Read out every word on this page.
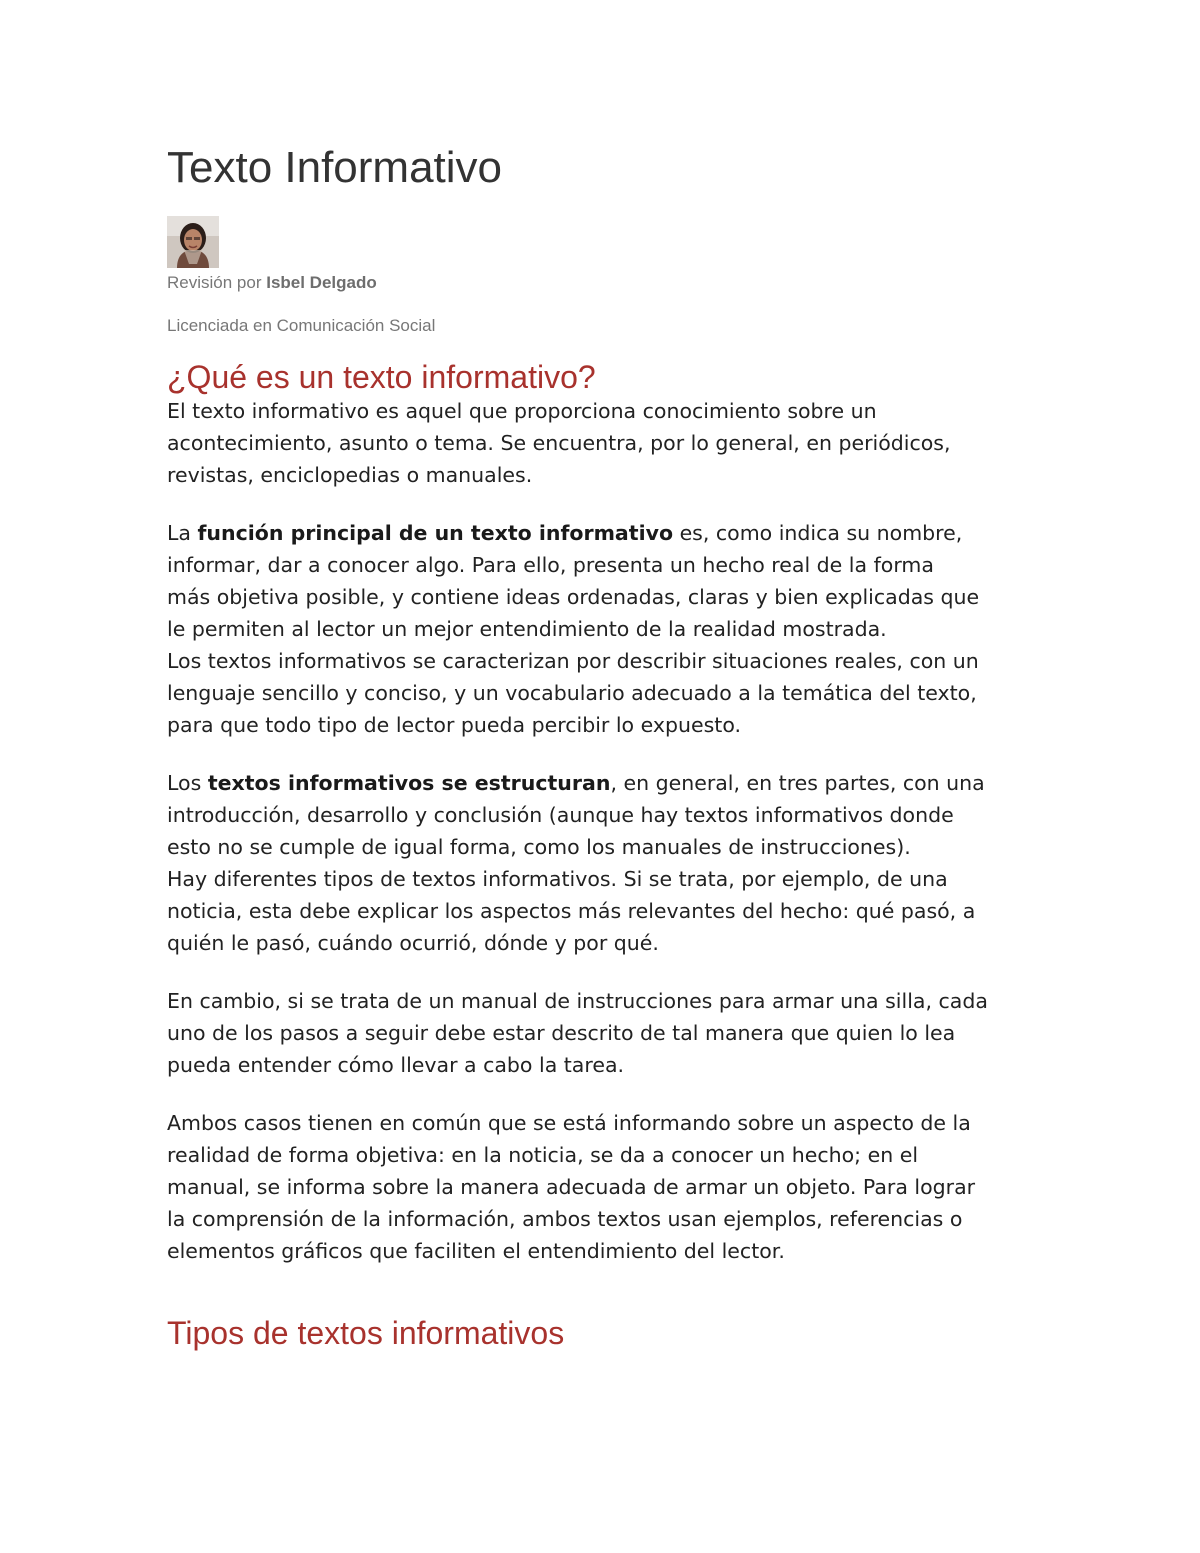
Texto Informativo
Revisión por Isbel Delgado
Licenciada en Comunicación Social
¿Qué es un texto informativo?

El texto informativo es aquel que proporciona conocimiento sobre un
acontecimiento, asunto o tema. Se encuentra, por lo general, en periódicos,
revistas, enciclopedias o manuales.

La función principal de un texto informativo es, como indica su nombre,
informar, dar a conocer algo. Para ello, presenta un hecho real de la forma
más objetiva posible, y contiene ideas ordenadas, claras y bien explicadas que
le permiten al lector un mejor entendimiento de la realidad mostrada.
Los textos informativos se caracterizan por describir situaciones reales, con un
lenguaje sencillo y conciso, y un vocabulario adecuado a la temática del texto,
para que todo tipo de lector pueda percibir lo expuesto.

Los textos informativos se estructuran, en general, en tres partes, con una
introducción, desarrollo y conclusión (aunque hay textos informativos donde
esto no se cumple de igual forma, como los manuales de instrucciones).
Hay diferentes tipos de textos informativos. Si se trata, por ejemplo, de una
noticia, esta debe explicar los aspectos más relevantes del hecho: qué pasó, a
quién le pasó, cuándo ocurrió, dónde y por qué.

En cambio, si se trata de un manual de instrucciones para armar una silla, cada
uno de los pasos a seguir debe estar descrito de tal manera que quien lo lea
pueda entender cómo llevar a cabo la tarea.

Ambos casos tienen en común que se está informando sobre un aspecto de la
realidad de forma objetiva: en la noticia, se da a conocer un hecho; en el
manual, se informa sobre la manera adecuada de armar un objeto. Para lograr
la comprensión de la información, ambos textos usan ejemplos, referencias o
elementos gráficos que faciliten el entendimiento del lector.

Tipos de textos informativos
